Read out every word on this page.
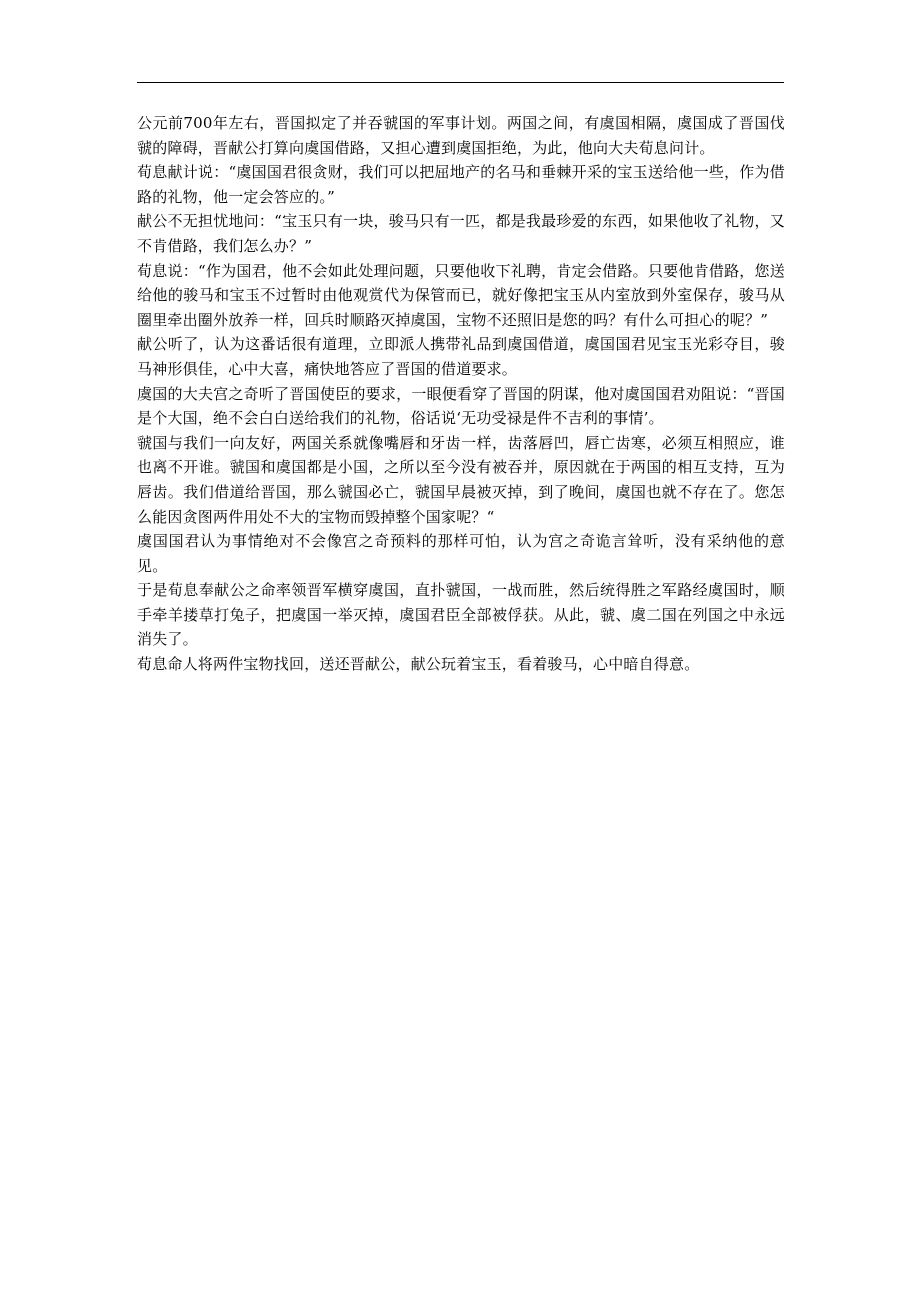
公元前700年左右，晋国拟定了并吞虢国的军事计划。两国之间，有虞国相隔，虞国成了晋国伐虢的障碍，晋献公打算向虞国借路，又担心遭到虞国拒绝，为此，他向大夫荀息问计。

荀息献计说：“虞国国君很贪财，我们可以把屈地产的名马和垂棘开采的宝玉送给他一些，作为借路的礼物，他一定会答应的。”

献公不无担忧地问：“宝玉只有一块，骏马只有一匹，都是我最珍爱的东西，如果他收了礼物，又不肯借路，我们怎么办？”

荀息说：“作为国君，他不会如此处理问题，只要他收下礼聘，肯定会借路。只要他肯借路，您送给他的骏马和宝玉不过暂时由他观赏代为保管而已，就好像把宝玉从内室放到外室保存，骏马从圈里牵出圈外放养一样，回兵时顺路灭掉虞国，宝物不还照旧是您的吗？有什么可担心的呢？”

献公听了，认为这番话很有道理，立即派人携带礼品到虞国借道，虞国国君见宝玉光彩夺目，骏马神形俱佳，心中大喜，痛快地答应了晋国的借道要求。

虞国的大夫宫之奇听了晋国使臣的要求，一眼便看穿了晋国的阴谋，他对虞国国君劝阻说：“晋国是个大国，绝不会白白送给我们的礼物，俗话说‘无功受禄是件不吉利的事情’。

虢国与我们一向友好，两国关系就像嘴唇和牙齿一样，齿落唇凹，唇亡齿寒，必须互相照应，谁也离不开谁。虢国和虞国都是小国，之所以至今没有被吞并，原因就在于两国的相互支持，互为唇齿。我们借道给晋国，那么虢国必亡，虢国早晨被灭掉，到了晚间，虞国也就不存在了。您怎么能因贪图两件用处不大的宝物而毁掉整个国家呢？“

虞国国君认为事情绝对不会像宫之奇预料的那样可怕，认为宫之奇诡言耸听，没有采纳他的意见。

于是荀息奉献公之命率领晋军横穿虞国，直扑虢国，一战而胜，然后统得胜之军路经虞国时，顺手牵羊搂草打兔子，把虞国一举灭掉，虞国君臣全部被俘获。从此，虢、虞二国在列国之中永远消失了。

荀息命人将两件宝物找回，送还晋献公，献公玩着宝玉，看着骏马，心中暗自得意。
